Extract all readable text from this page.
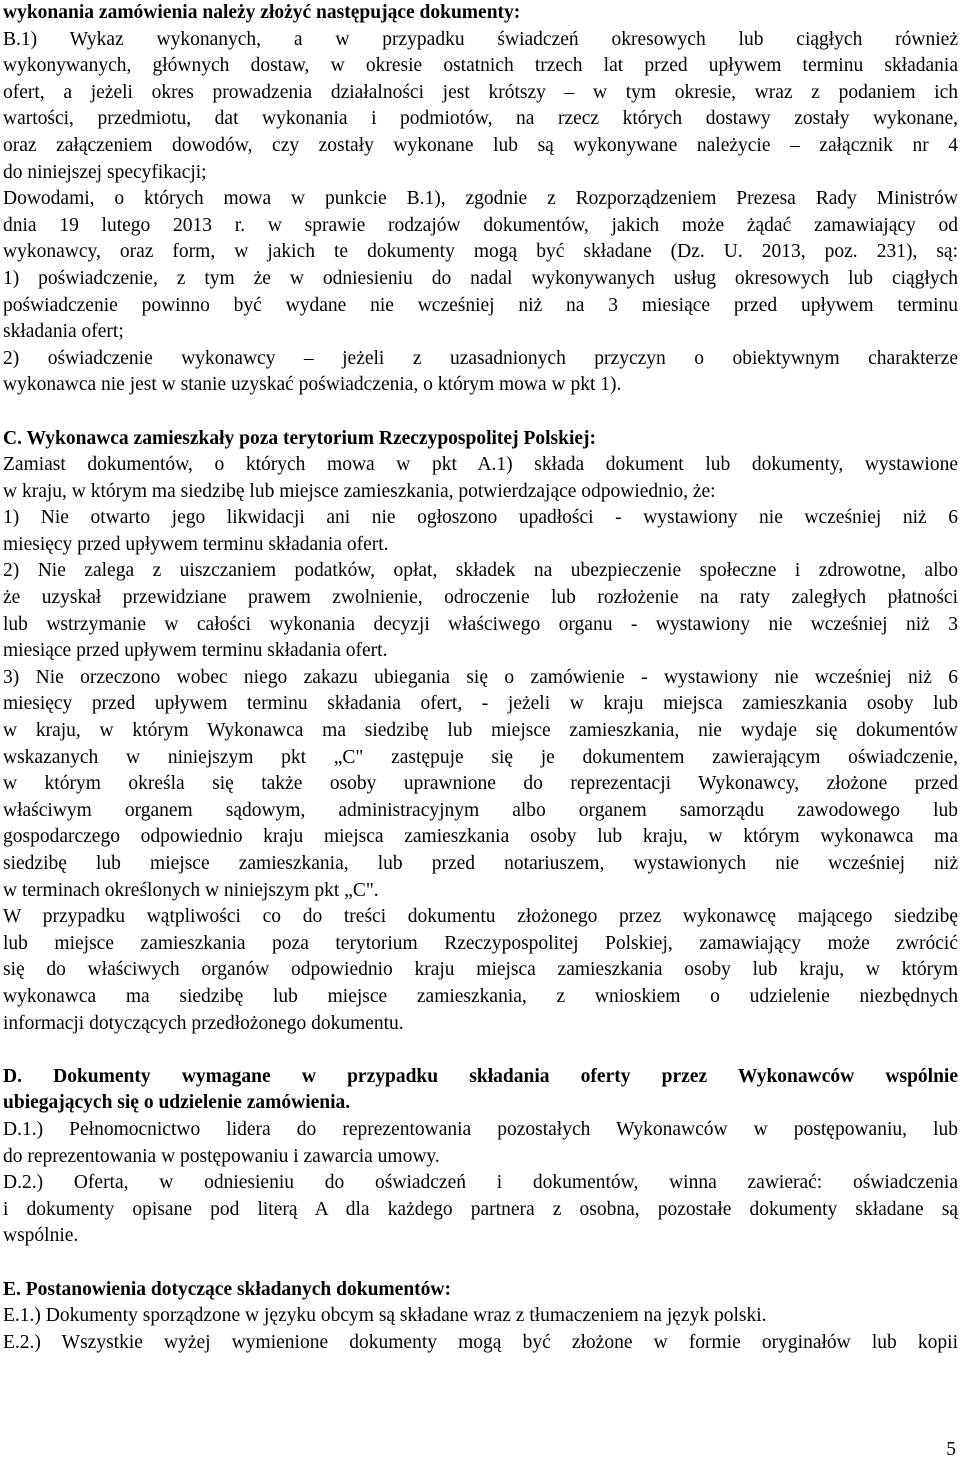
wykonania zamówienia należy złożyć następujące dokumenty:
B.1) Wykaz wykonanych, a w przypadku świadczeń okresowych lub ciągłych również
wykonywanych, głównych dostaw, w okresie ostatnich trzech lat przed upływem terminu składania
ofert, a jeżeli okres prowadzenia działalności jest krótszy – w tym okresie, wraz z podaniem ich
wartości, przedmiotu, dat wykonania i podmiotów, na rzecz których dostawy zostały wykonane,
oraz załączeniem dowodów, czy zostały wykonane lub są wykonywane należycie – załącznik nr 4
do niniejszej specyfikacji;
Dowodami, o których mowa w punkcie B.1), zgodnie z Rozporządzeniem Prezesa Rady Ministrów
dnia 19 lutego 2013 r. w sprawie rodzajów dokumentów, jakich może żądać zamawiający od
wykonawcy, oraz form, w jakich te dokumenty mogą być składane (Dz. U. 2013, poz. 231), są:
1) poświadczenie, z tym że w odniesieniu do nadal wykonywanych usług okresowych lub ciągłych
poświadczenie powinno być wydane nie wcześniej niż na 3 miesiące przed upływem terminu
składania ofert;
2) oświadczenie wykonawcy – jeżeli z uzasadnionych przyczyn o obiektywnym charakterze
wykonawca nie jest w stanie uzyskać poświadczenia, o którym mowa w pkt 1).
C. Wykonawca zamieszkały poza terytorium Rzeczypospolitej Polskiej:
Zamiast dokumentów, o których mowa w pkt A.1) składa dokument lub dokumenty, wystawione
w kraju, w którym ma siedzibę lub miejsce zamieszkania, potwierdzające odpowiednio, że:
1) Nie otwarto jego likwidacji ani nie ogłoszono upadłości - wystawiony nie wcześniej niż 6
miesięcy przed upływem terminu składania ofert.
2) Nie zalega z uiszczaniem podatków, opłat, składek na ubezpieczenie społeczne i zdrowotne, albo
że uzyskał przewidziane prawem zwolnienie, odroczenie lub rozłożenie na raty zaległych płatności
lub wstrzymanie w całości wykonania decyzji właściwego organu - wystawiony nie wcześniej niż 3
miesiące przed upływem terminu składania ofert.
3) Nie orzeczono wobec niego zakazu ubiegania się o zamówienie - wystawiony nie wcześniej niż 6
miesięcy przed upływem terminu składania ofert, - jeżeli w kraju miejsca zamieszkania osoby lub
w kraju, w którym Wykonawca ma siedzibę lub miejsce zamieszkania, nie wydaje się dokumentów
wskazanych w niniejszym pkt „C" zastępuje się je dokumentem zawierającym oświadczenie,
w którym określa się także osoby uprawnione do reprezentacji Wykonawcy, złożone przed
właściwym organem sądowym, administracyjnym albo organem samorządu zawodowego lub
gospodarczego odpowiednio kraju miejsca zamieszkania osoby lub kraju, w którym wykonawca ma
siedzibę lub miejsce zamieszkania, lub przed notariuszem, wystawionych nie wcześniej niż
w terminach określonych w niniejszym pkt „C".
W przypadku wątpliwości co do treści dokumentu złożonego przez wykonawcę mającego siedzibę
lub miejsce zamieszkania poza terytorium Rzeczypospolitej Polskiej, zamawiający może zwrócić
się do właściwych organów odpowiednio kraju miejsca zamieszkania osoby lub kraju, w którym
wykonawca ma siedzibę lub miejsce zamieszkania, z wnioskiem o udzielenie niezbędnych
informacji dotyczących przedłożonego dokumentu.
D. Dokumenty wymagane w przypadku składania oferty przez Wykonawców wspólnie
ubiegających się o udzielenie zamówienia.
D.1.) Pełnomocnictwo lidera do reprezentowania pozostałych Wykonawców w postępowaniu, lub
do reprezentowania w postępowaniu i zawarcia umowy.
D.2.) Oferta, w odniesieniu do oświadczeń i dokumentów, winna zawierać: oświadczenia
i dokumenty opisane pod literą A dla każdego partnera z osobna, pozostałe dokumenty składane są
wspólnie.
E. Postanowienia dotyczące składanych dokumentów:
E.1.) Dokumenty sporządzone w języku obcym są składane wraz z tłumaczeniem na język polski.
E.2.) Wszystkie wyżej wymienione dokumenty mogą być złożone w formie oryginałów lub kopii
5
